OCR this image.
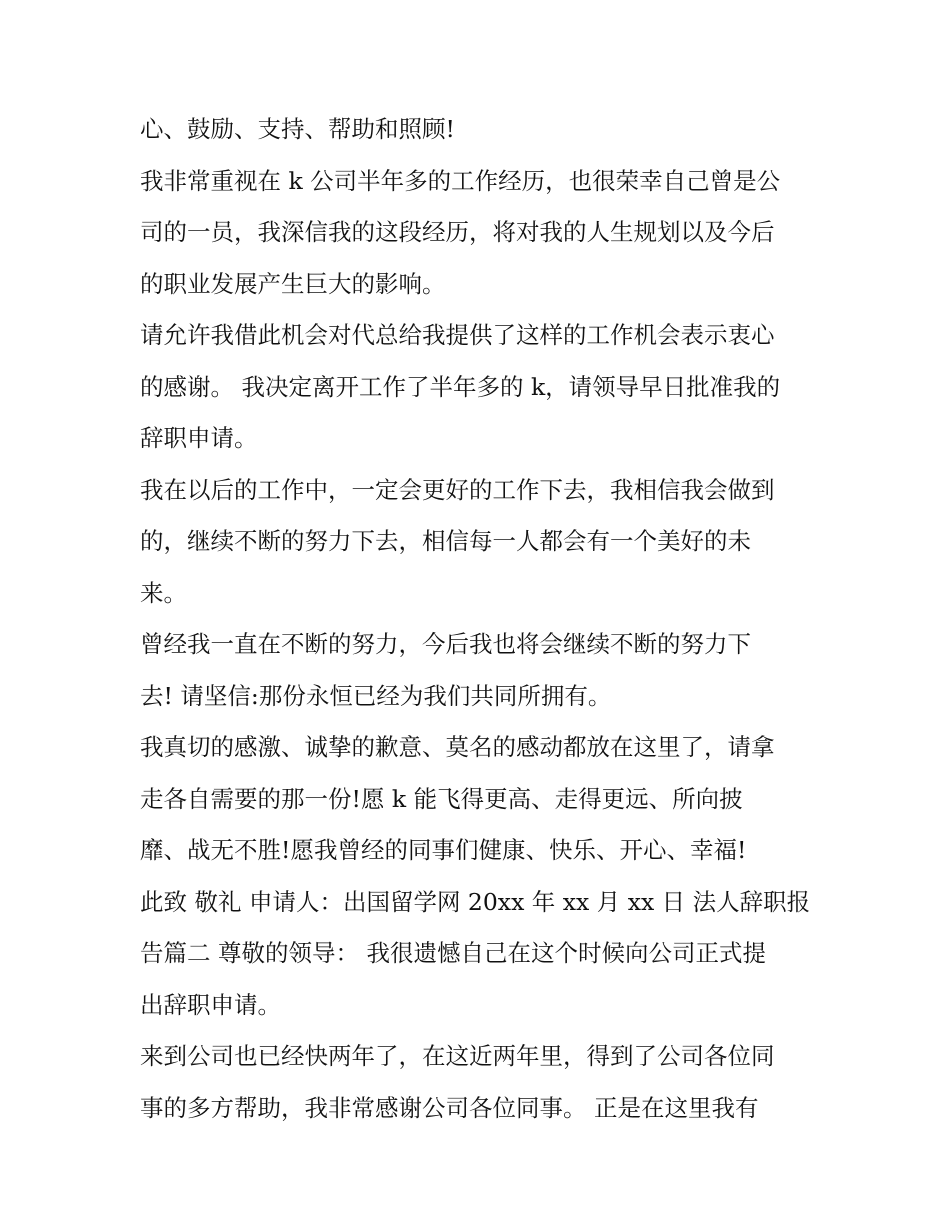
心、鼓励、支持、帮助和照顾!
我非常重视在 k 公司半年多的工作经历，也很荣幸自己曾是公
司的一员，我深信我的这段经历，将对我的人生规划以及今后
的职业发展产生巨大的影响。
请允许我借此机会对代总给我提供了这样的工作机会表示衷心
的感谢。 我决定离开工作了半年多的 k，请领导早日批准我的
辞职申请。
我在以后的工作中，一定会更好的工作下去，我相信我会做到
的，继续不断的努力下去，相信每一人都会有一个美好的未
来。
曾经我一直在不断的努力，今后我也将会继续不断的努力下
去! 请坚信:那份永恒已经为我们共同所拥有。
我真切的感激、诚挚的歉意、莫名的感动都放在这里了，请拿
走各自需要的那一份!愿 k 能飞得更高、走得更远、所向披
靡、战无不胜!愿我曾经的同事们健康、快乐、开心、幸福!
此致 敬礼 申请人：出国留学网 20xx 年 xx 月 xx 日 法人辞职报
告篇二 尊敬的领导： 我很遗憾自己在这个时候向公司正式提
出辞职申请。
来到公司也已经快两年了，在这近两年里，得到了公司各位同
事的多方帮助，我非常感谢公司各位同事。 正是在这里我有
